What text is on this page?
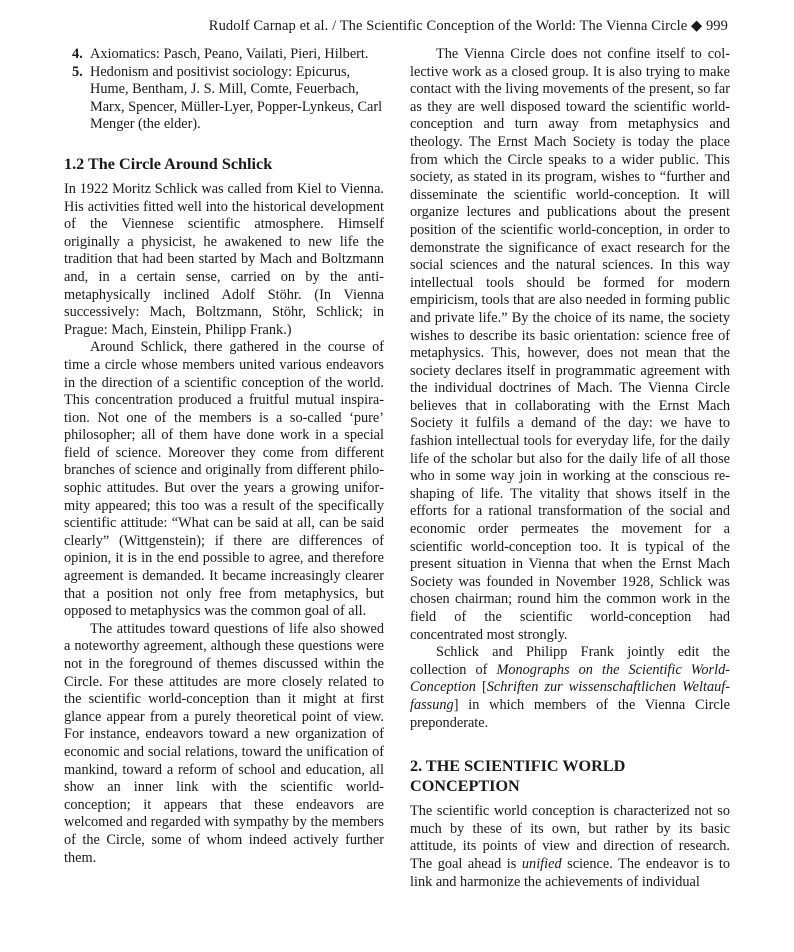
Rudolf Carnap et al. / The Scientific Conception of the World: The Vienna Circle ◆ 999
4. Axiomatics: Pasch, Peano, Vailati, Pieri, Hilbert.
5. Hedonism and positivist sociology: Epicurus, Hume, Bentham, J. S. Mill, Comte, Feuerbach, Marx, Spencer, Müller-Lyer, Popper-Lynkeus, Carl Menger (the elder).
1.2 The Circle Around Schlick

In 1922 Moritz Schlick was called from Kiel to Vienna. His activities fitted well into the historical development of the Viennese scientific atmosphere. Himself originally a physicist, he awakened to new life the tradition that had been started by Mach and Boltzmann and, in a certain sense, carried on by the anti-metaphysically inclined Adolf Stöhr. (In Vienna successively: Mach, Boltzmann, Stöhr, Schlick; in Prague: Mach, Einstein, Philipp Frank.)

Around Schlick, there gathered in the course of time a circle whose members united various endeavors in the direction of a scientific conception of the world. This concentration produced a fruitful mutual inspiration. Not one of the members is a so-called ‘pure’ philosopher; all of them have done work in a special field of science. Moreover they come from different branches of science and originally from different philosophic attitudes. But over the years a growing uniformity appeared; this too was a result of the specifically scientific attitude: “What can be said at all, can be said clearly” (Wittgenstein); if there are differences of opinion, it is in the end possible to agree, and therefore agreement is demanded. It became increasingly clearer that a position not only free from metaphysics, but opposed to metaphysics was the common goal of all.

The attitudes toward questions of life also showed a noteworthy agreement, although these questions were not in the foreground of themes discussed within the Circle. For these attitudes are more closely related to the scientific world-conception than it might at first glance appear from a purely theoretical point of view. For instance, endeavors toward a new organization of economic and social relations, toward the unification of mankind, toward a reform of school and education, all show an inner link with the scientific world-conception; it appears that these endeavors are welcomed and regarded with sympathy by the members of the Circle, some of whom indeed actively further them.

The Vienna Circle does not confine itself to collective work as a closed group. It is also trying to make contact with the living movements of the present, so far as they are well disposed toward the scientific world-conception and turn away from metaphysics and theology. The Ernst Mach Society is today the place from which the Circle speaks to a wider public. This society, as stated in its program, wishes to “further and disseminate the scientific world-conception. It will organize lectures and publications about the present position of the scientific world-conception, in order to demonstrate the significance of exact research for the social sciences and the natural sciences. In this way intellectual tools should be formed for modern empiricism, tools that are also needed in forming public and private life.” By the choice of its name, the society wishes to describe its basic orientation: science free of metaphysics. This, however, does not mean that the society declares itself in programmatic agreement with the individual doctrines of Mach. The Vienna Circle believes that in collaborating with the Ernst Mach Society it fulfils a demand of the day: we have to fashion intellectual tools for everyday life, for the daily life of the scholar but also for the daily life of all those who in some way join in working at the conscious re-shaping of life. The vitality that shows itself in the efforts for a rational transformation of the social and economic order permeates the movement for a scientific world-conception too. It is typical of the present situation in Vienna that when the Ernst Mach Society was founded in November 1928, Schlick was chosen chairman; round him the common work in the field of the scientific world-conception had concentrated most strongly.

Schlick and Philipp Frank jointly edit the collection of Monographs on the Scientific World-Conception [Schriften zur wissenschaftlichen Weltauffassung] in which members of the Vienna Circle preponderate.

2. THE SCIENTIFIC WORLD CONCEPTION

The scientific world conception is characterized not so much by these of its own, but rather by its basic attitude, its points of view and direction of research. The goal ahead is unified science. The endeavor is to link and harmonize the achievements of individual
